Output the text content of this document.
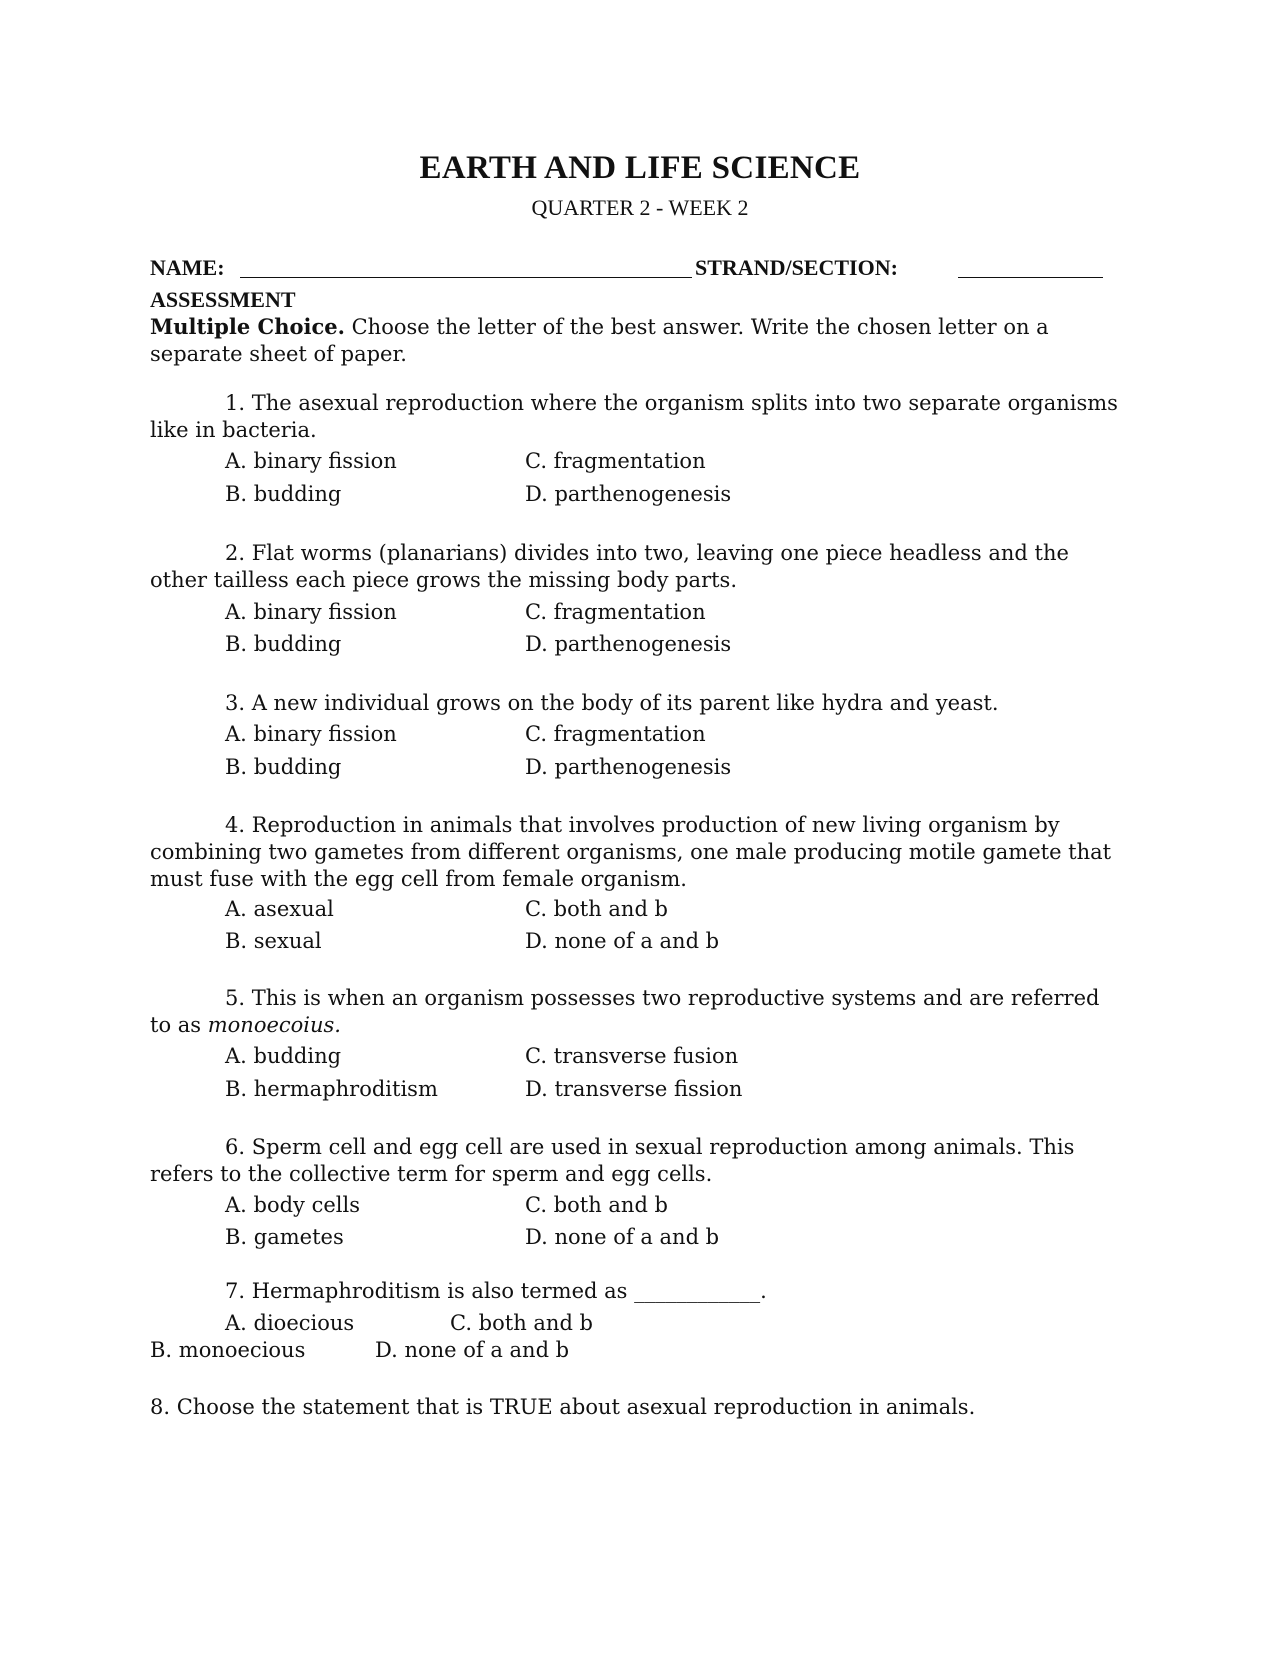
EARTH AND LIFE SCIENCE
QUARTER 2 - WEEK 2
NAME:	STRAND/SECTION:
ASSESSMENT
Multiple Choice. Choose the letter of the best answer. Write the chosen letter on a separate sheet of paper.

1. The asexual reproduction where the organism splits into two separate organisms like in bacteria.

A. binary fission	C. fragmentation
B. budding	D. parthenogenesis

2. Flat worms (planarians) divides into two, leaving one piece headless and the other tailless each piece grows the missing body parts.

A. binary fission	C. fragmentation
B. budding	D. parthenogenesis

3. A new individual grows on the body of its parent like hydra and yeast.

A. binary fission	C. fragmentation
B. budding	D. parthenogenesis

4. Reproduction in animals that involves production of new living organism by combining two gametes from different organisms, one male producing motile gamete that must fuse with the egg cell from female organism.

A. asexual	C. both and b
B. sexual	D. none of a and b

5. This is when an organism possesses two reproductive systems and are referred to as monoecoius.

A. budding	C. transverse fusion
B. hermaphroditism	D. transverse fission

6. Sperm cell and egg cell are used in sexual reproduction among animals. This refers to the collective term for sperm and egg cells.

A. body cells	C. both and b
B. gametes	D. none of a and b

7. Hermaphroditism is also termed as ____________.

A. dioecious	C. both and b
B. monoecious	D. none of a and b
8. Choose the statement that is TRUE about asexual reproduction in animals.
